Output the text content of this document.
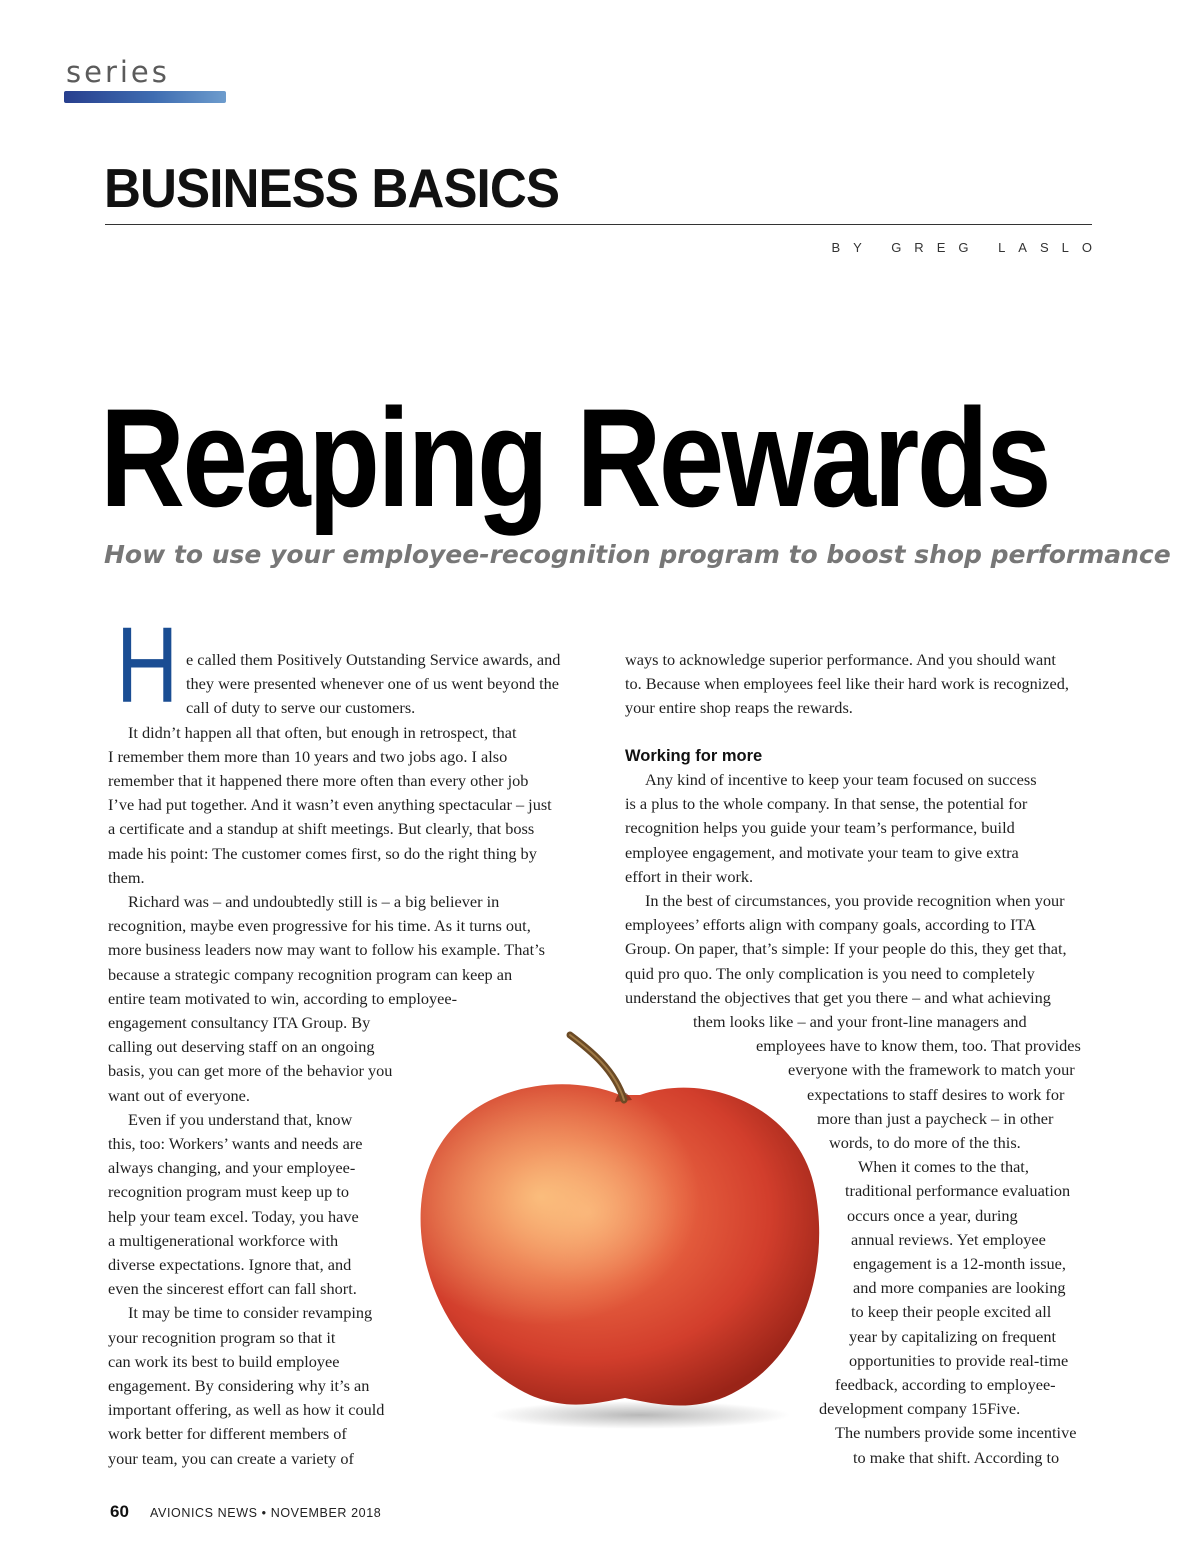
series
BUSINESS BASICS
BY GREG LASLO
Reaping Rewards
How to use your employee-recognition program to boost shop performance
H e called them Positively Outstanding Service awards, and
they were presented whenever one of us went beyond the
call of duty to serve our customers.
It didn’t happen all that often, but enough in retrospect, that
I remember them more than 10 years and two jobs ago. I also
remember that it happened there more often than every other job
I’ve had put together. And it wasn’t even anything spectacular – just
a certificate and a standup at shift meetings. But clearly, that boss
made his point: The customer comes first, so do the right thing by
them.
Richard was – and undoubtedly still is – a big believer in
recognition, maybe even progressive for his time. As it turns out,
more business leaders now may want to follow his example. That’s
because a strategic company recognition program can keep an
entire team motivated to win, according to employee-
engagement consultancy ITA Group. By
calling out deserving staff on an ongoing
basis, you can get more of the behavior you
want out of everyone.
Even if you understand that, know
this, too: Workers’ wants and needs are
always changing, and your employee-
recognition program must keep up to
help your team excel. Today, you have
a multigenerational workforce with
diverse expectations. Ignore that, and
even the sincerest effort can fall short.
It may be time to consider revamping
your recognition program so that it
can work its best to build employee
engagement. By considering why it’s an
important offering, as well as how it could
work better for different members of
your team, you can create a variety of
ways to acknowledge superior performance. And you should want
to. Because when employees feel like their hard work is recognized,
your entire shop reaps the rewards.
Any kind of incentive to keep your team focused on success
is a plus to the whole company. In that sense, the potential for
recognition helps you guide your team’s performance, build
employee engagement, and motivate your team to give extra
effort in their work.
In the best of circumstances, you provide recognition when your
employees’ efforts align with company goals, according to ITA
Group. On paper, that’s simple: If your people do this, they get that,
quid pro quo. The only complication is you need to completely
understand the objectives that get you there – and what achieving
them looks like – and your front-line managers and
employees have to know them, too. That provides
everyone with the framework to match your
expectations to staff desires to work for
more than just a paycheck – in other
words, to do more of the this.
When it comes to the that,
traditional performance evaluation
occurs once a year, during
annual reviews. Yet employee
engagement is a 12-month issue,
and more companies are looking
to keep their people excited all
year by capitalizing on frequent
opportunities to provide real-time
feedback, according to employee-
development company 15Five.
The numbers provide some incentive
to make that shift. According to
Working for more
60 AVIONICS NEWS • NOVEMBER 2018
